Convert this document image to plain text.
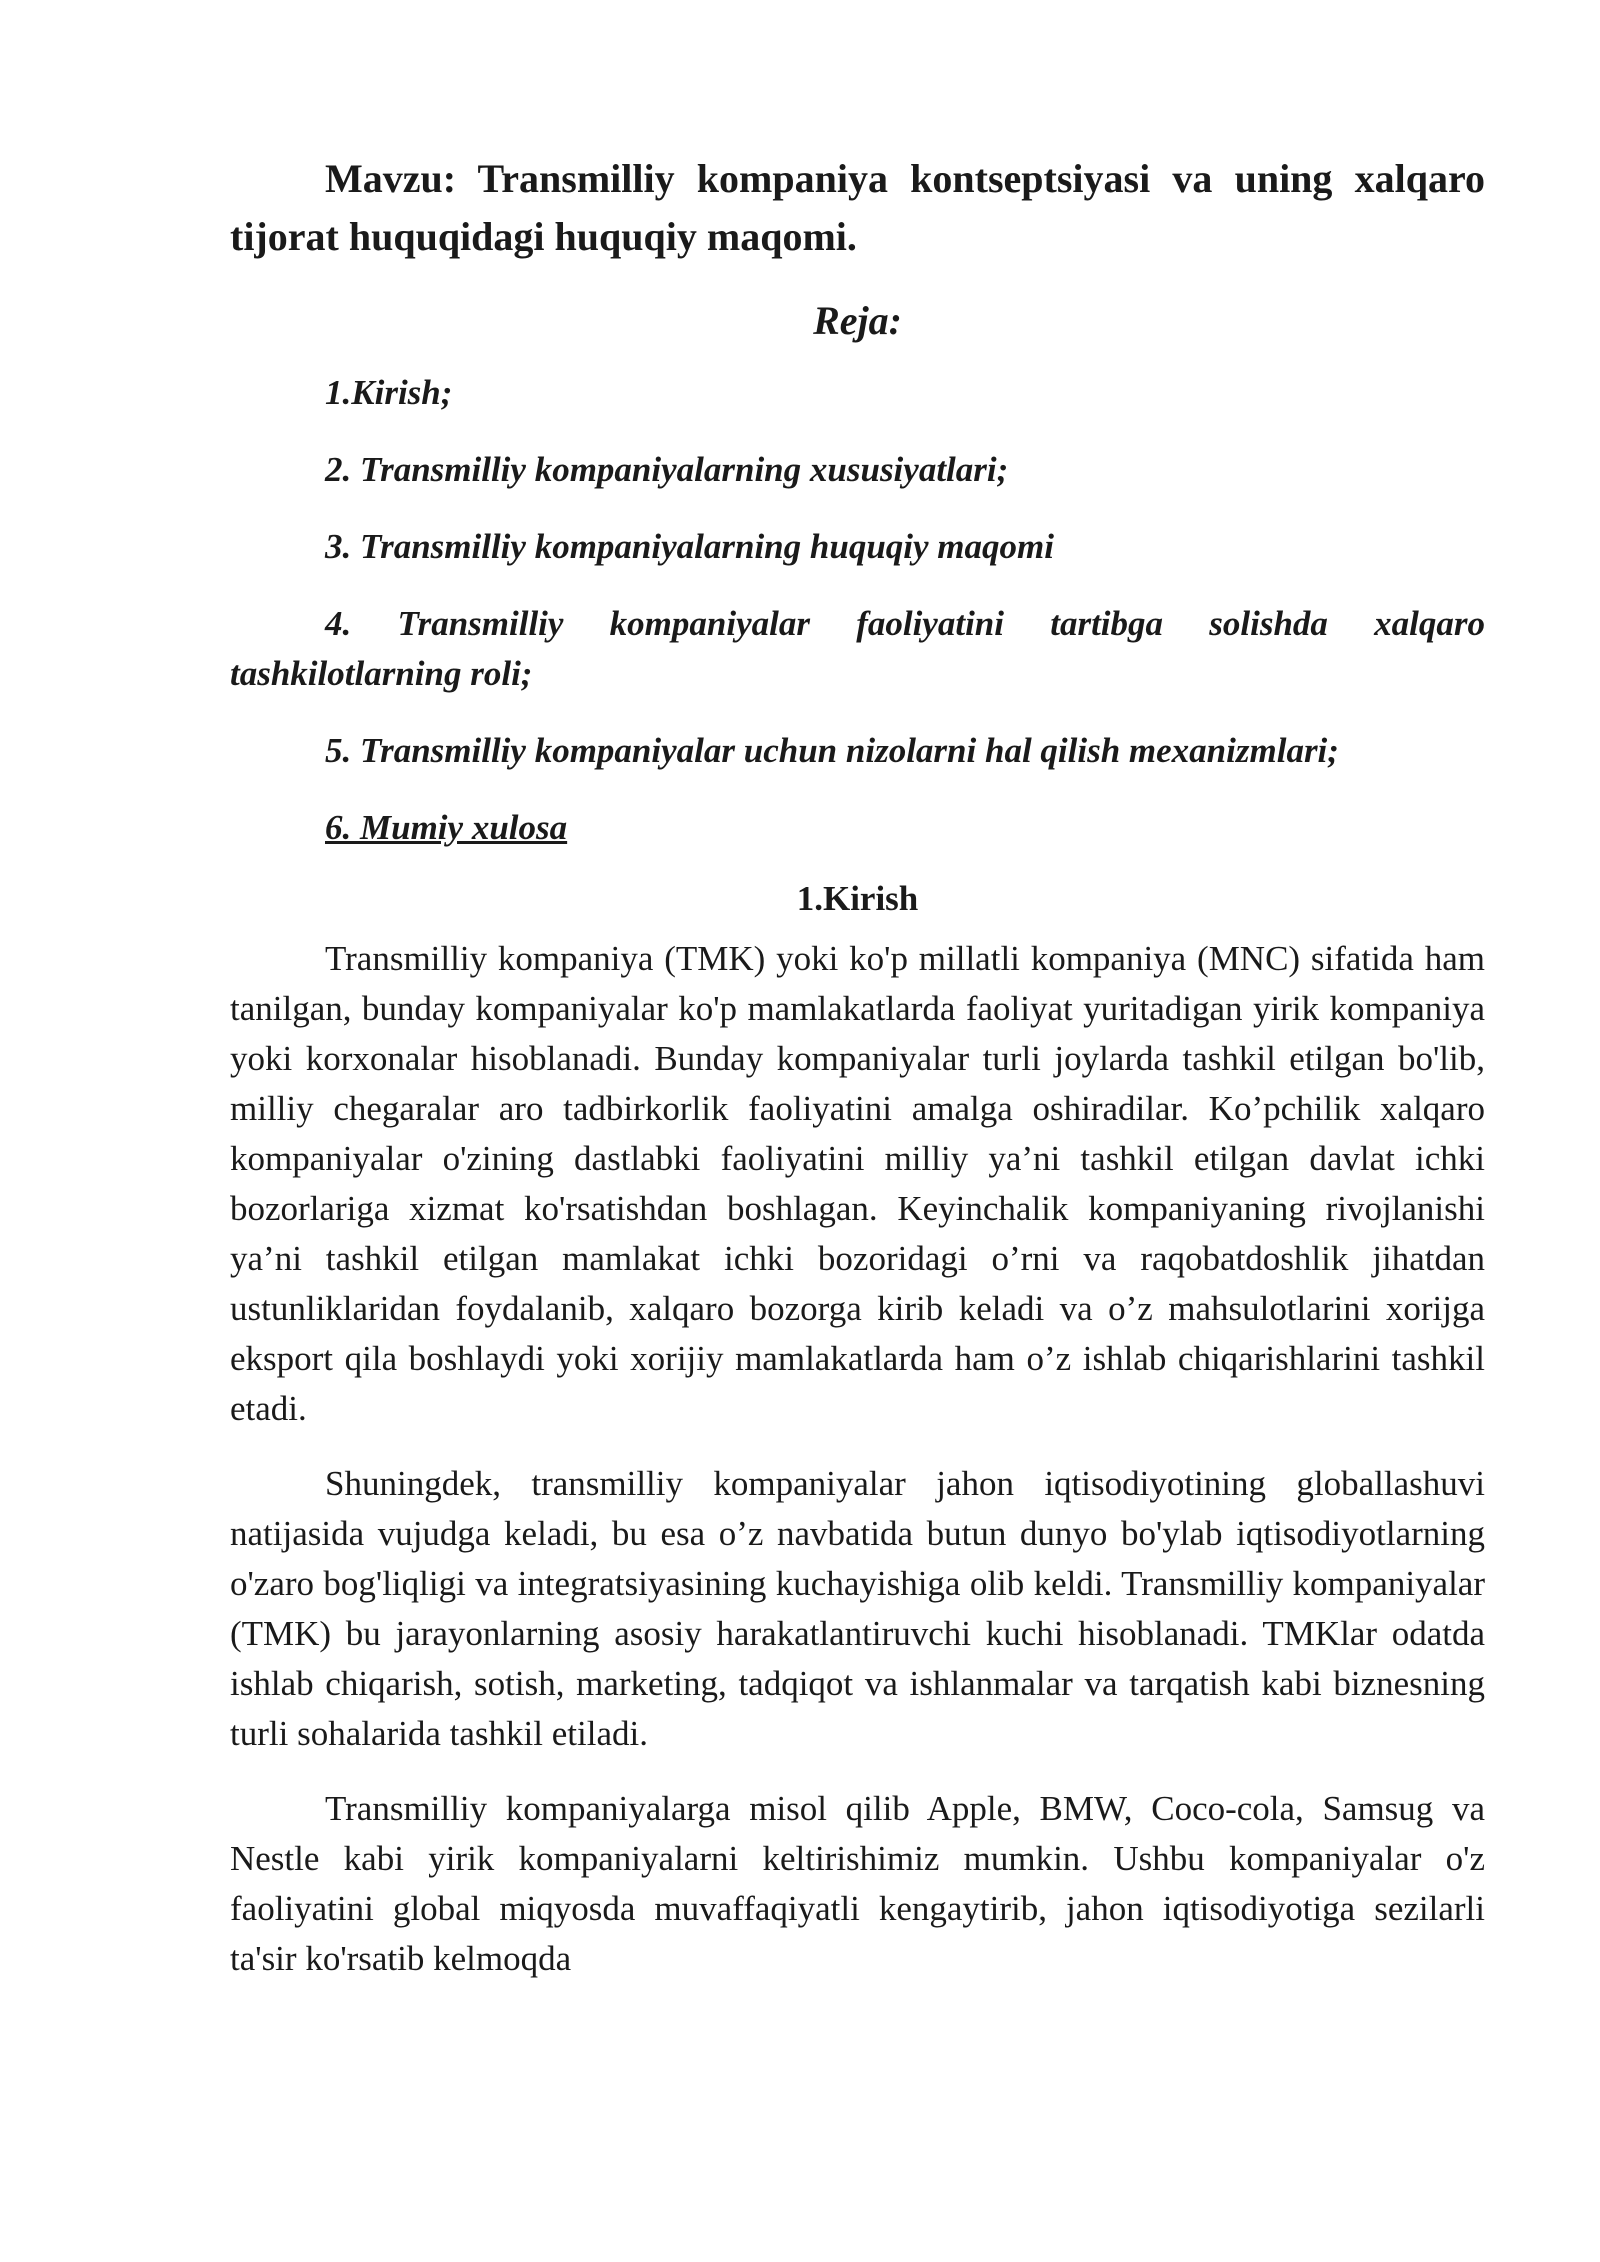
Mavzu: Transmilliy kompaniya kontseptsiyasi va uning xalqaro tijorat huquqidagi huquqiy maqomi.
Reja:
1.Kirish;
2. Transmilliy kompaniyalarning xususiyatlari;
3. Transmilliy kompaniyalarning huquqiy maqomi
4. Transmilliy kompaniyalar faoliyatini tartibga solishda xalqaro tashkilotlarning roli;
5. Transmilliy kompaniyalar uchun nizolarni hal qilish mexanizmlari;
6. Mumiy xulosa
1.Kirish

Transmilliy kompaniya (TMK) yoki ko'p millatli kompaniya (MNC) sifatida ham tanilgan, bunday kompaniyalar ko'p mamlakatlarda faoliyat yuritadigan yirik kompaniya yoki korxonalar hisoblanadi. Bunday kompaniyalar turli joylarda tashkil etilgan bo'lib, milliy chegaralar aro tadbirkorlik faoliyatini amalga oshiradilar. Ko’pchilik xalqaro kompaniyalar o'zining dastlabki faoliyatini milliy ya’ni tashkil etilgan davlat ichki bozorlariga xizmat ko'rsatishdan boshlagan. Keyinchalik kompaniyaning rivojlanishi ya’ni tashkil etilgan mamlakat ichki bozoridagi o’rni va raqobatdoshlik jihatdan ustunliklaridan foydalanib, xalqaro bozorga kirib keladi va o’z mahsulotlarini xorijga eksport qila boshlaydi yoki xorijiy mamlakatlarda ham o’z ishlab chiqarishlarini tashkil etadi.

Shuningdek, transmilliy kompaniyalar jahon iqtisodiyotining globallashuvi natijasida vujudga keladi, bu esa o’z navbatida butun dunyo bo'ylab iqtisodiyotlarning o'zaro bog'liqligi va integratsiyasining kuchayishiga olib keldi. Transmilliy kompaniyalar (TMK) bu jarayonlarning asosiy harakatlantiruvchi kuchi hisoblanadi. TMKlar odatda ishlab chiqarish, sotish, marketing, tadqiqot va ishlanmalar va tarqatish kabi biznesning turli sohalarida tashkil etiladi.

Transmilliy kompaniyalarga misol qilib Apple, BMW, Coco-cola, Samsug va Nestle kabi yirik kompaniyalarni keltirishimiz mumkin. Ushbu kompaniyalar o'z faoliyatini global miqyosda muvaffaqiyatli kengaytirib, jahon iqtisodiyotiga sezilarli ta'sir ko'rsatib kelmoqda
